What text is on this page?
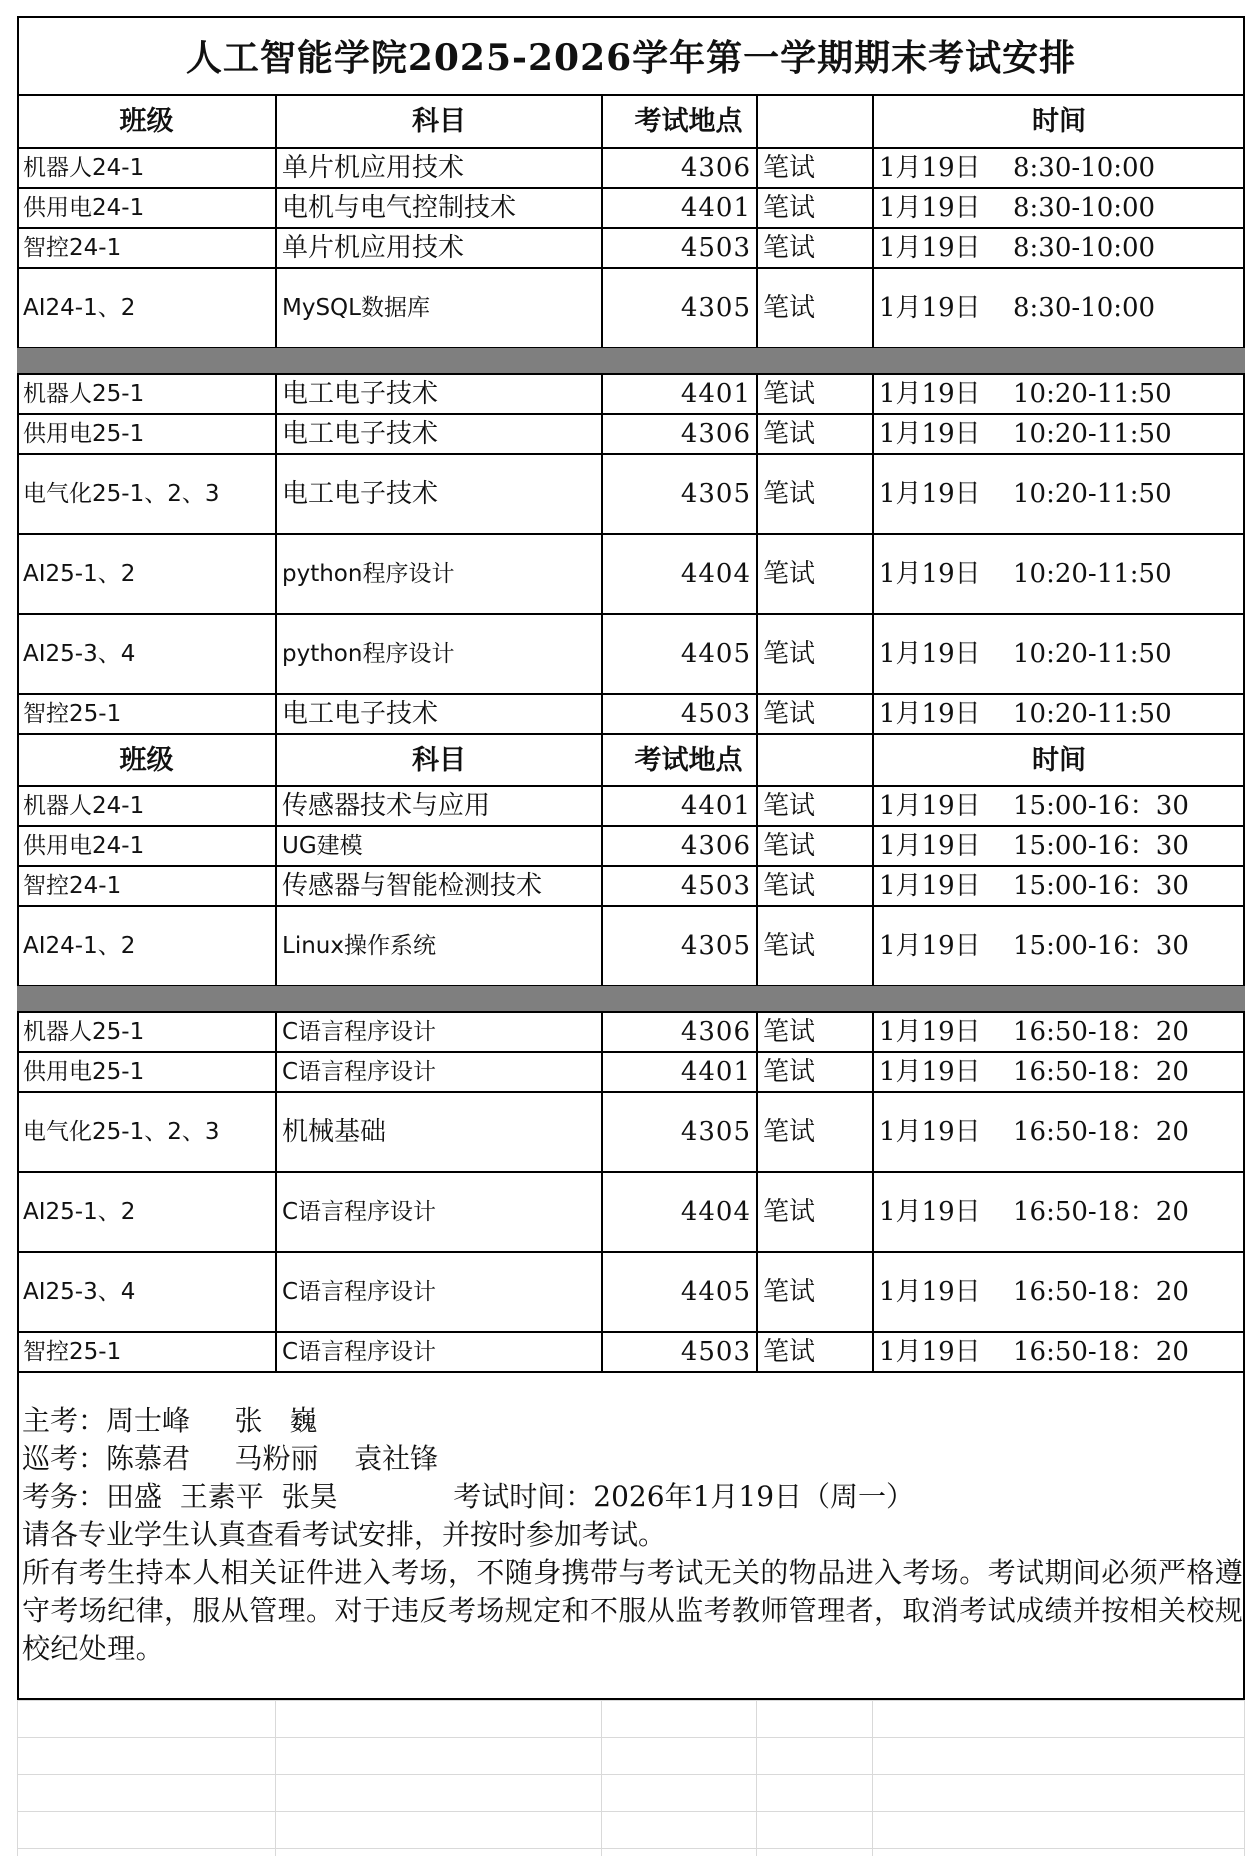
人工智能学院2025-2026学年第一学期期末考试安排
班级	科目	考试地点	时间
机器人24-1	单片机应用技术	4306 笔试	1月19日	8:30-10:00
供用电24-1	电机与电气控制技术	4401 笔试	1月19日	8:30-10:00
智控24-1	单片机应用技术	4503 笔试	1月19日	8:30-10:00
AI24-1、2	MySQL数据库	4305 笔试	1月19日	8:30-10:00
机器人25-1	电工电子技术	4401 笔试	1月19日	10:20-11:50
供用电25-1	电工电子技术	4306 笔试	1月19日	10:20-11:50
电气化25-1、2、3	电工电子技术	4305 笔试	1月19日	10:20-11:50
AI25-1、2	python程序设计	4404 笔试	1月19日	10:20-11:50
AI25-3、4	python程序设计	4405 笔试	1月19日	10:20-11:50
智控25-1	电工电子技术	4503 笔试	1月19日	10:20-11:50
班级	科目	考试地点	时间
机器人24-1	传感器技术与应用	4401 笔试	1月19日	15:00-16：30
供用电24-1	UG建模	4306 笔试	1月19日	15:00-16：30
智控24-1	传感器与智能检测技术	4503 笔试	1月19日	15:00-16：30
AI24-1、2	Linux操作系统	4305 笔试	1月19日	15:00-16：30
机器人25-1	C语言程序设计	4306 笔试	1月19日	16:50-18：20
供用电25-1	C语言程序设计	4401 笔试	1月19日	16:50-18：20
电气化25-1、2、3	机械基础	4305 笔试	1月19日	16:50-18：20
AI25-1、2	C语言程序设计	4404 笔试	1月19日	16:50-18：20
AI25-3、4	C语言程序设计	4405 笔试	1月19日	16:50-18：20
智控25-1	C语言程序设计	4503 笔试	1月19日	16:50-18：20
主考：周士峰     张   巍
巡考：陈慕君     马粉丽    袁社锋
考务：田盛  王素平  张昊             考试时间：2026年1月19日（周一）
请各专业学生认真查看考试安排，并按时参加考试。
所有考生持本人相关证件进入考场，不随身携带与考试无关的物品进入考场。考试期间必须严格遵守考场纪律，服从管理。对于违反考场规定和不服从监考教师管理者，取消考试成绩并按相关校规校纪处理。
